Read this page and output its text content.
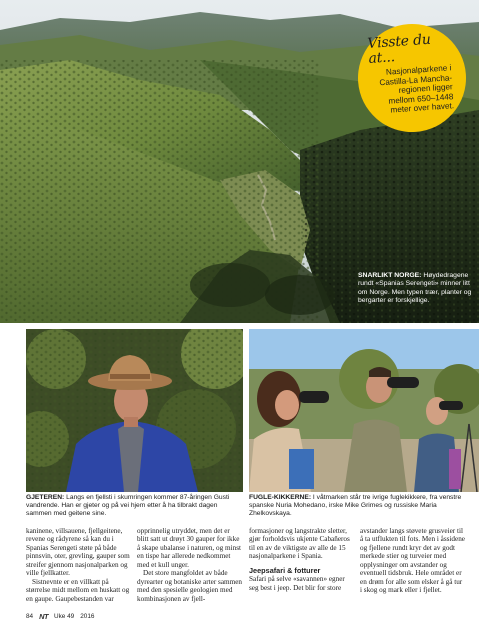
Visste du at...
Nasjonalparkene i Castilla-La Mancha-regionen ligger mellom 650–1448 meter over havet.
SNARLIKT NORGE: Høydedragene rundt «Spanias Serengeti» minner litt om Norge. Men typen trær, planter og bergarter er forskjellige.
GJETEREN: Langs en fjellsti i skumringen kommer 87-åringen Gusti vandrende. Han er gjeter og på vei hjem etter å ha tilbrakt dagen sammen med geitene sine.
FUGLE-KIKKERNE: I våtmarken står tre ivrige fuglekikkere, fra venstre spanske Nuria Mohedano, irske Mike Grimes og russiske Maria Zhelkovskaya.

kaninene, villsauene, fjellgeitene, revene og rådyrene så kan du i Spanias Serengeti støte på både pinnsvin, oter, grevling, gauper som streifer gjennom nasjonalparken og ville fjellkatter.

Sistnevnte er en villkatt på størrelse midt mellom en huskatt og en gaupe. Gaupebestanden var

opprinnelig utryddet, men det er blitt satt ut drøyt 30 gauper for ikke å skape ubalanse i naturen, og minst en tispe har allerede nedkommet med et kull unger.

Det store mangfoldet av både dyrearter og botaniske arter sammen med den spesielle geologien med kombinasjonen av fjell-

formasjoner og langstrakte sletter, gjør forholdsvis ukjente Cabañeros til en av de viktigste av alle de 15 nasjonalparkene i Spania.

Jeepsafari & fotturer

Safari på selve «savannen» egner seg best i jeep. Det blir for store

avstander langs støvete grusveier til å ta utflukten til fots. Men i åssidene og fjellene rundt kryr det av godt merkede stier og turveier med opplysninger om avstander og eventuell tidsbruk. Hele området er en drøm for alle som elsker å gå tur i skog og mark eller i fjellet.

84 NT Uke 49 2016
